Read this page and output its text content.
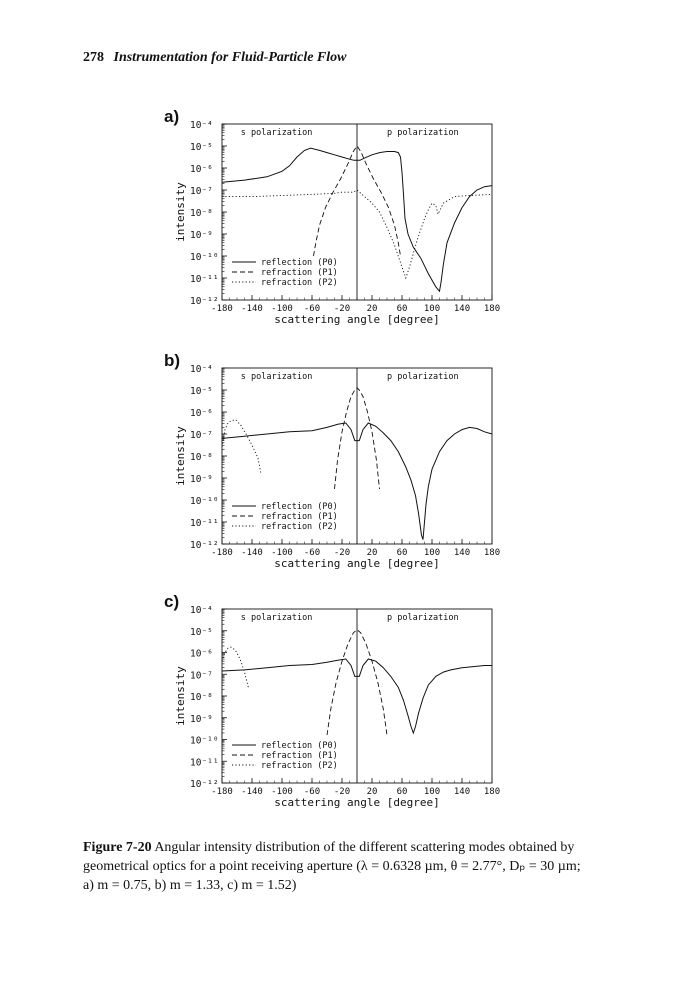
278 Instrumentation for Fluid-Particle Flow
a)
s polarization	p polarization
10⁻⁴
10⁻⁵
10⁻⁶
10⁻⁷
10⁻⁸
10⁻⁹
10⁻¹⁰
10⁻¹¹
10⁻¹²
-180 -140 -100 -60 -20 20 60 100 140 180
scattering angle [degree]
intensity
reflection (P0)
refraction (P1)
refraction (P2)
b)
s polarization	p polarization
10⁻⁴
10⁻⁵
10⁻⁶
10⁻⁷
10⁻⁸
10⁻⁹
10⁻¹⁰
10⁻¹¹
10⁻¹²
-180 -140 -100 -60 -20 20 60 100 140 180
scattering angle [degree]
intensity
reflection (P0)
refraction (P1)
refraction (P2)
c)
s polarization	p polarization
10⁻⁴
10⁻⁵
10⁻⁶
10⁻⁷
10⁻⁸
10⁻⁹
10⁻¹⁰
10⁻¹¹
10⁻¹²
-180 -140 -100 -60 -20 20 60 100 140 180
scattering angle [degree]
intensity
reflection (P0)
refraction (P1)
refraction (P2)
Figure 7-20 Angular intensity distribution of the different scattering modes obtained by geometrical optics for a point receiving aperture (λ = 0.6328 µm, θ = 2.77°, Dₚ = 30 µm; a) m = 0.75, b) m = 1.33, c) m = 1.52)
